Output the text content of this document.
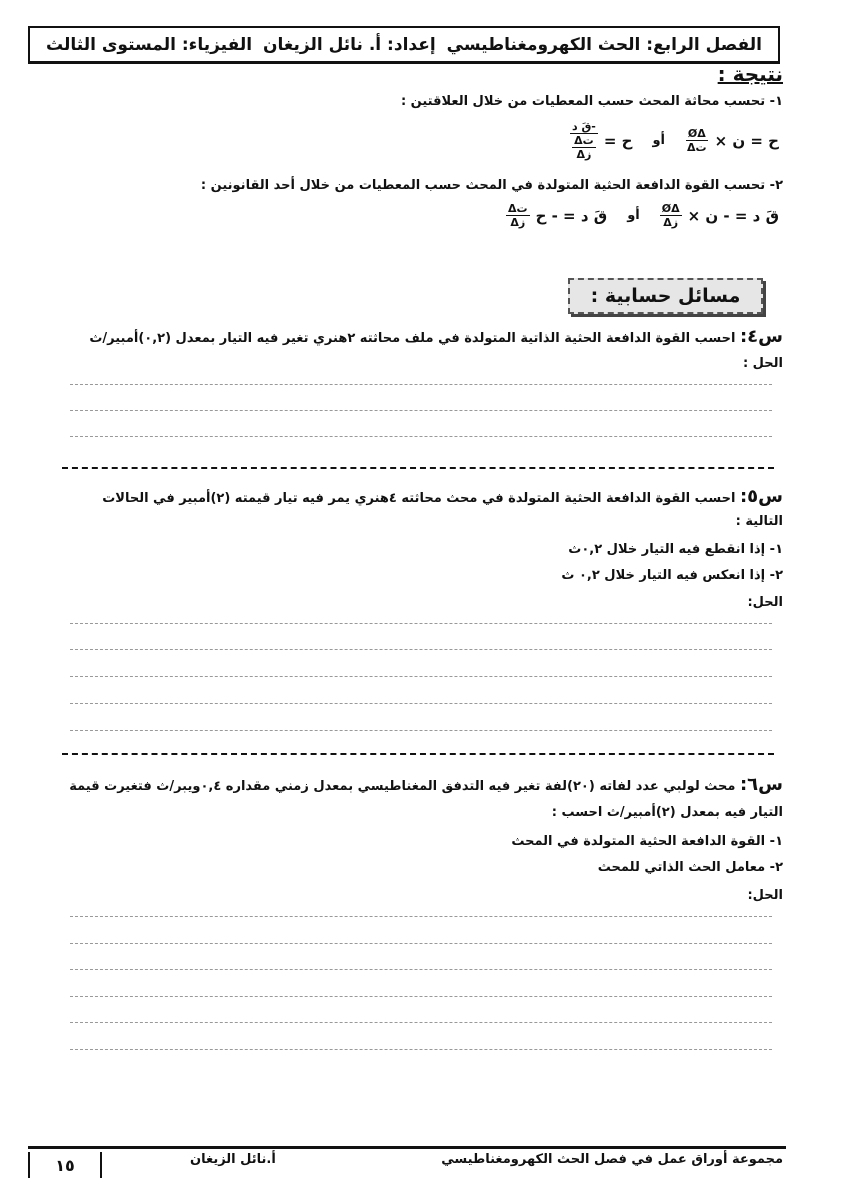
الفصل الرابع: الحث الكهرومغناطيسي
إعداد: أ. نائل الزيغان
الفيزياء: المستوى الثالث
نتيجة :
١- تحسب محاثة المحث حسب المعطيات من خلال العلاقتين :
ح = ن ×
$\frac{Ø\Delta}{\text{تΔ}}$
أو
ح =
-قَ د
تΔ
زΔ
٢- تحسب القوة الدافعة الحثية المتولدة في المحث حسب المعطيات من خلال أحد القانونين :
قَ د = - ن ×
$\frac{Ø\Delta}{\text{زΔ}}$
أو
قَ د = - ح
$\frac{\text{تΔ}}{\text{زΔ}}$
مسائل حسابية :
س٤: احسب القوة الدافعة الحثية الذاتية المتولدة في ملف محاثته ٢هنري تغير فيه التيار بمعدل (٠,٢)أمبير/ث
الحل :
س٥: احسب القوة الدافعة الحثية المتولدة في محث محاثته ٤هنري يمر فيه تيار قيمته (٢)أمبير في الحالات
التالية :
١- إذا انقطع فيه التيار خلال ٠,٢ث
٢- إذا انعكس فيه التيار خلال ٠,٢ ث
الحل:
س٦: محث لولبي عدد لفاته (٢٠)لفة تغير فيه التدفق المغناطيسي بمعدل زمني مقداره ٠,٤ويبر/ث فتغيرت قيمة
التيار فيه بمعدل (٢)أمبير/ث احسب :
١- القوة الدافعة الحثية المتولدة في المحث
٢- معامل الحث الذاتي للمحث
الحل:
مجموعة أوراق عمل في فصل الحث الكهرومغناطيسي
أ.نائل الزيغان
١٥
